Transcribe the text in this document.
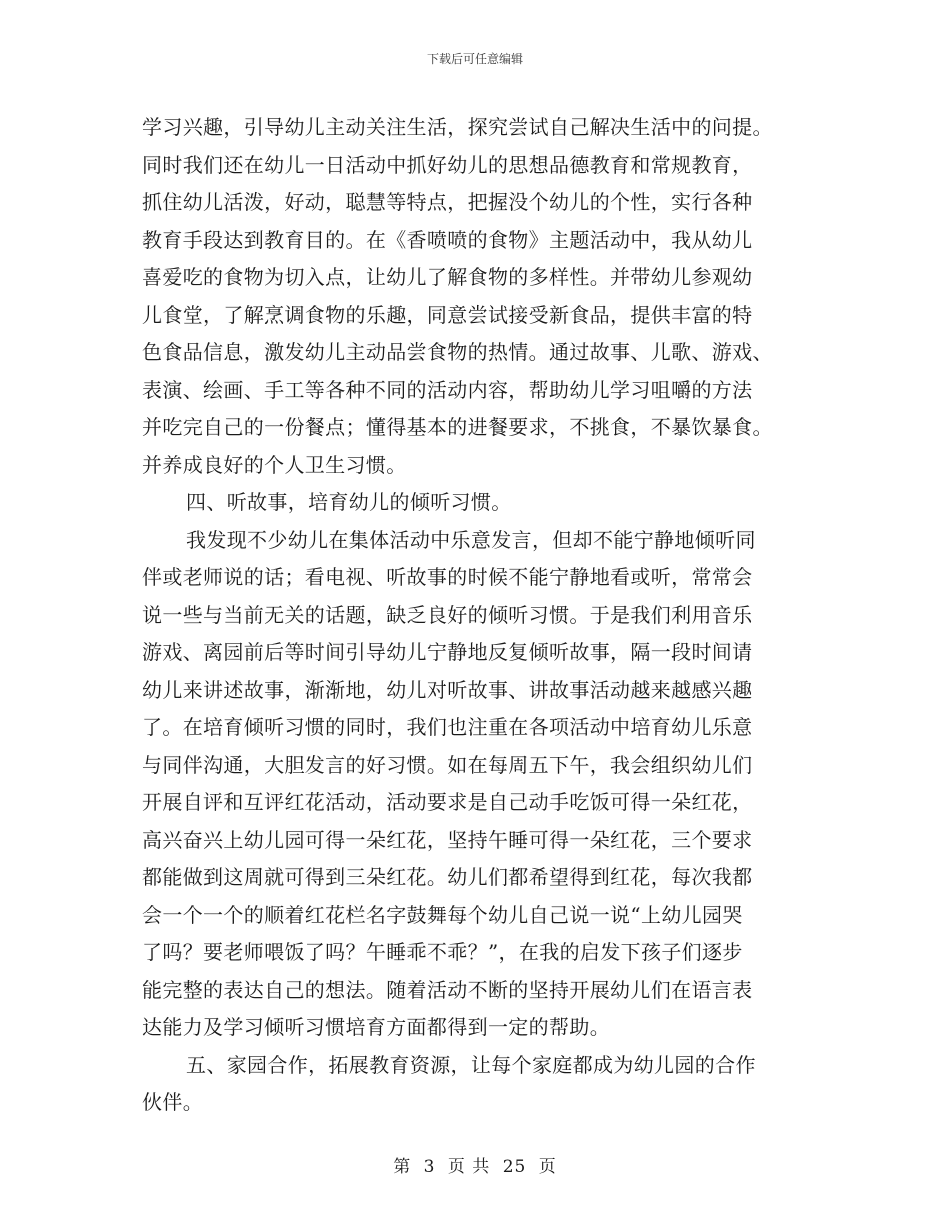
下载后可任意编辑
学习兴趣，引导幼儿主动关注生活，探究尝试自己解决生活中的问提。
同时我们还在幼儿一日活动中抓好幼儿的思想品德教育和常规教育，
抓住幼儿活泼，好动，聪慧等特点，把握没个幼儿的个性，实行各种
教育手段达到教育目的。在《香喷喷的食物》主题活动中，我从幼儿
喜爱吃的食物为切入点，让幼儿了解食物的多样性。并带幼儿参观幼
儿食堂，了解烹调食物的乐趣，同意尝试接受新食品，提供丰富的特
色食品信息，激发幼儿主动品尝食物的热情。通过故事、儿歌、游戏、
表演、绘画、手工等各种不同的活动内容，帮助幼儿学习咀嚼的方法
并吃完自己的一份餐点；懂得基本的进餐要求，不挑食，不暴饮暴食。
并养成良好的个人卫生习惯。
四、听故事，培育幼儿的倾听习惯。
我发现不少幼儿在集体活动中乐意发言，但却不能宁静地倾听同
伴或老师说的话；看电视、听故事的时候不能宁静地看或听，常常会
说一些与当前无关的话题，缺乏良好的倾听习惯。于是我们利用音乐
游戏、离园前后等时间引导幼儿宁静地反复倾听故事，隔一段时间请
幼儿来讲述故事，渐渐地，幼儿对听故事、讲故事活动越来越感兴趣
了。在培育倾听习惯的同时，我们也注重在各项活动中培育幼儿乐意
与同伴沟通，大胆发言的好习惯。如在每周五下午，我会组织幼儿们
开展自评和互评红花活动，活动要求是自己动手吃饭可得一朵红花，
高兴奋兴上幼儿园可得一朵红花，坚持午睡可得一朵红花，三个要求
都能做到这周就可得到三朵红花。幼儿们都希望得到红花，每次我都
会一个一个的顺着红花栏名字鼓舞每个幼儿自己说一说“上幼儿园哭
了吗？要老师喂饭了吗？午睡乖不乖？”，在我的启发下孩子们逐步
能完整的表达自己的想法。随着活动不断的坚持开展幼儿们在语言表
达能力及学习倾听习惯培育方面都得到一定的帮助。
五、家园合作，拓展教育资源，让每个家庭都成为幼儿园的合作
伙伴。
第 3 页 共 25 页
